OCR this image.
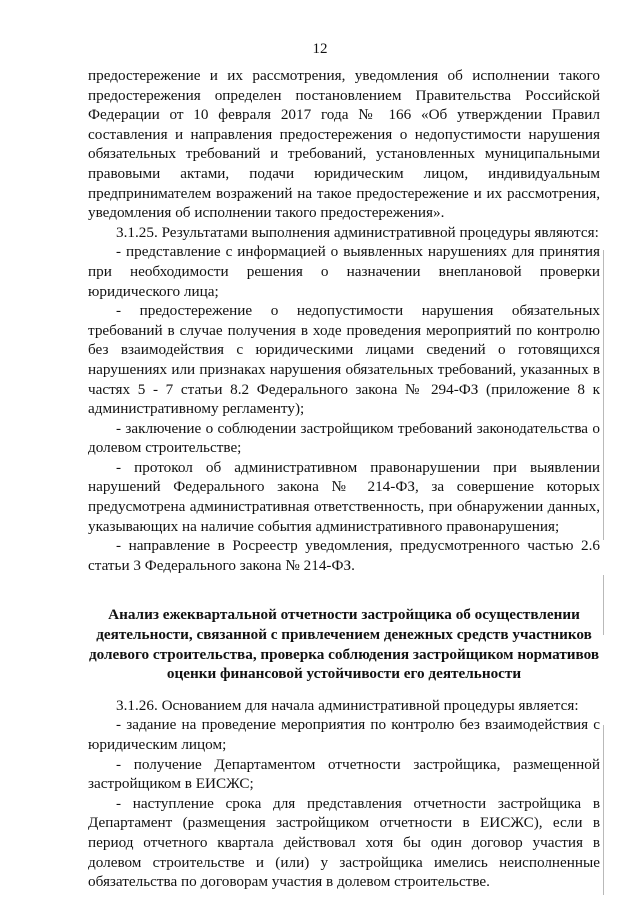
12

предостережение и их рассмотрения, уведомления об исполнении такого предостережения определен постановлением Правительства Российской Федерации от 10 февраля 2017 года № 166 «Об утверждении Правил составления и направления предостережения о недопустимости нарушения обязательных требований и требований, установленных муниципальными правовыми актами, подачи юридическим лицом, индивидуальным предпринимателем возражений на такое предостережение и их рассмотрения, уведомления об исполнении такого предостережения».

3.1.25. Результатами выполнения административной процедуры являются:

- представление с информацией о выявленных нарушениях для принятия при необходимости решения о назначении внеплановой проверки юридического лица;

- предостережение о недопустимости нарушения обязательных требований в случае получения в ходе проведения мероприятий по контролю без взаимодействия с юридическими лицами сведений о готовящихся нарушениях или признаках нарушения обязательных требований, указанных в частях 5 - 7 статьи 8.2 Федерального закона № 294-ФЗ (приложение 8 к административному регламенту);

- заключение о соблюдении застройщиком требований законодательства о долевом строительстве;

- протокол об административном правонарушении при выявлении нарушений Федерального закона № 214-ФЗ, за совершение которых предусмотрена административная ответственность, при обнаружении данных, указывающих на наличие события административного правонарушения;

- направление в Росреестр уведомления, предусмотренного частью 2.6 статьи 3 Федерального закона № 214-ФЗ.

Анализ ежеквартальной отчетности застройщика об осуществлении деятельности, связанной с привлечением денежных средств участников долевого строительства, проверка соблюдения застройщиком нормативов оценки финансовой устойчивости его деятельности

3.1.26. Основанием для начала административной процедуры является:

- задание на проведение мероприятия по контролю без взаимодействия с юридическим лицом;

- получение Департаментом отчетности застройщика, размещенной застройщиком в ЕИСЖС;

- наступление срока для представления отчетности застройщика в Департамент (размещения застройщиком отчетности в ЕИСЖС), если в период отчетного квартала действовал хотя бы один договор участия в долевом строительстве и (или) у застройщика имелись неисполненные обязательства по договорам участия в долевом строительстве.
